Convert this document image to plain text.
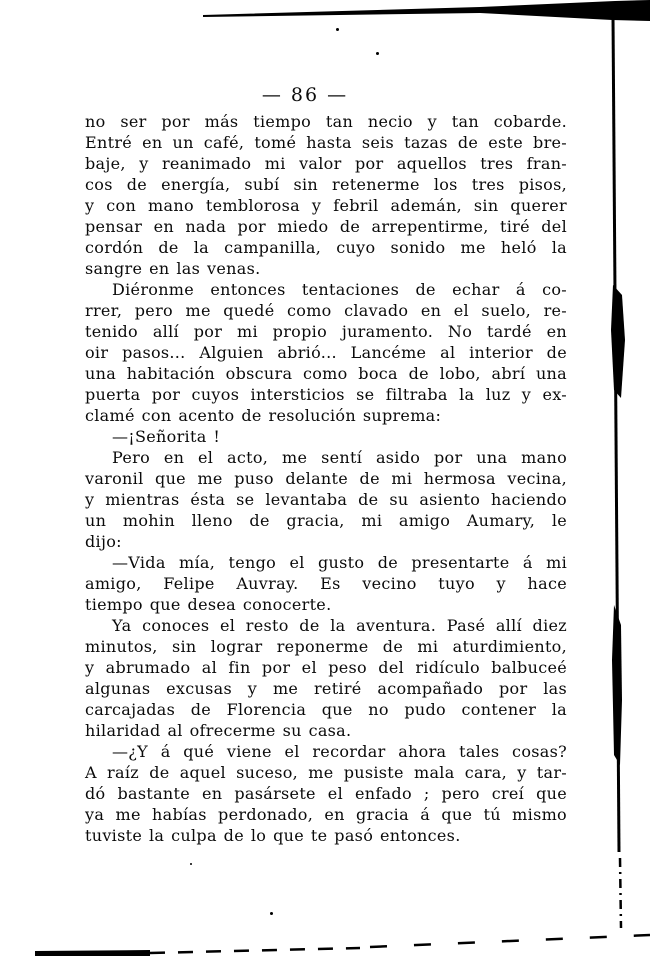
— 86 —
no ser por más tiempo tan necio y tan cobarde.
Entré en un café, tomé hasta seis tazas de este bre-
baje, y reanimado mi valor por aquellos tres fran-
cos de energía, subí sin retenerme los tres pisos,
y con mano temblorosa y febril ademán, sin querer
pensar en nada por miedo de arrepentirme, tiré del
cordón de la campanilla, cuyo sonido me heló la
sangre en las venas.
Diéronme entonces tentaciones de echar á co-
rrer, pero me quedé como clavado en el suelo, re-
tenido allí por mi propio juramento. No tardé en
oir pasos... Alguien abrió... Lancéme al interior de
una habitación obscura como boca de lobo, abrí una
puerta por cuyos intersticios se filtraba la luz y ex-
clamé con acento de resolución suprema:
—¡Señorita !
Pero en el acto, me sentí asido por una mano
varonil que me puso delante de mi hermosa vecina,
y mientras ésta se levantaba de su asiento haciendo
un mohin lleno de gracia, mi amigo Aumary, le
dijo:
—Vida mía, tengo el gusto de presentarte á mi
amigo, Felipe Auvray. Es vecino tuyo y hace
tiempo que desea conocerte.
Ya conoces el resto de la aventura. Pasé allí diez
minutos, sin lograr reponerme de mi aturdimiento,
y abrumado al fin por el peso del ridículo balbuceé
algunas excusas y me retiré acompañado por las
carcajadas de Florencia que no pudo contener la
hilaridad al ofrecerme su casa.
—¿Y á qué viene el recordar ahora tales cosas?
A raíz de aquel suceso, me pusiste mala cara, y tar-
dó bastante en pasársete el enfado ; pero creí que
ya me habías perdonado, en gracia á que tú mismo
tuviste la culpa de lo que te pasó entonces.
